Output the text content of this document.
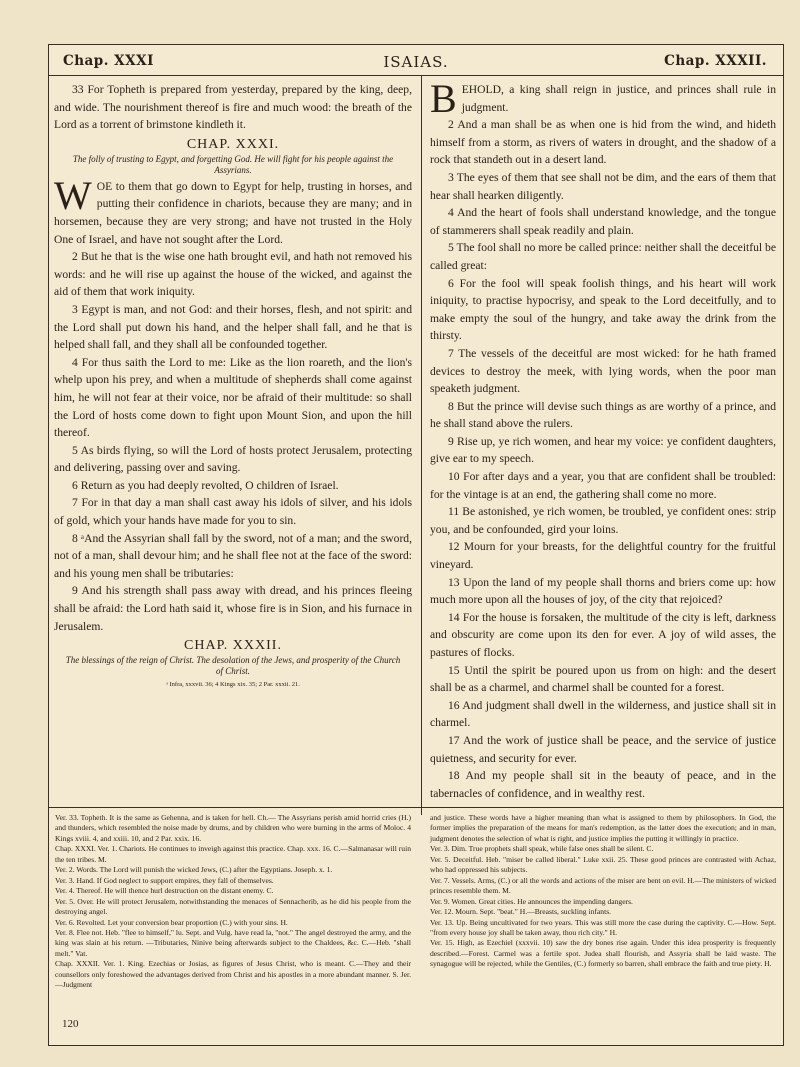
Chap. XXXI	ISAIAS.	Chap. XXXII.

33 For Topheth is prepared from yesterday, prepared by the king, deep, and wide. The nourishment thereof is fire and much wood: the breath of the Lord as a torrent of brimstone kindleth it.

CHAP. XXXI.
The folly of trusting to Egypt, and forgetting God. He will fight for his people against the Assyrians.

WOE to them that go down to Egypt for help, trusting in horses, and putting their confidence in chariots, because they are many; and in horsemen, because they are very strong; and have not trusted in the Holy One of Israel, and have not sought after the Lord.

2 But he that is the wise one hath brought evil, and hath not removed his words: and he will rise up against the house of the wicked, and against the aid of them that work iniquity.

3 Egypt is man, and not God: and their horses, flesh, and not spirit: and the Lord shall put down his hand, and the helper shall fall, and he that is helped shall fall, and they shall all be confounded together.

4 For thus saith the Lord to me: Like as the lion roareth, and the lion's whelp upon his prey, and when a multitude of shepherds shall come against him, he will not fear at their voice, nor be afraid of their multitude: so shall the Lord of hosts come down to fight upon Mount Sion, and upon the hill thereof.

5 As birds flying, so will the Lord of hosts protect Jerusalem, protecting and delivering, passing over and saving.

6 Return as you had deeply revolted, O children of Israel.

7 For in that day a man shall cast away his idols of silver, and his idols of gold, which your hands have made for you to sin.

8 ᵃAnd the Assyrian shall fall by the sword, not of a man; and the sword, not of a man, shall devour him; and he shall flee not at the face of the sword: and his young men shall be tributaries:

9 And his strength shall pass away with dread, and his princes fleeing shall be afraid: the Lord hath said it, whose fire is in Sion, and his furnace in Jerusalem.

CHAP. XXXII.
The blessings of the reign of Christ. The desolation of the Jews, and prosperity of the Church of Christ.
ᵃ Infra, xxxvii. 36; 4 Kings xix. 35; 2 Par. xxxii. 21.

BEHOLD, a king shall reign in justice, and princes shall rule in judgment.

2 And a man shall be as when one is hid from the wind, and hideth himself from a storm, as rivers of waters in drought, and the shadow of a rock that standeth out in a desert land.

3 The eyes of them that see shall not be dim, and the ears of them that hear shall hearken diligently.

4 And the heart of fools shall understand knowledge, and the tongue of stammerers shall speak readily and plain.

5 The fool shall no more be called prince: neither shall the deceitful be called great:

6 For the fool will speak foolish things, and his heart will work iniquity, to practise hypocrisy, and speak to the Lord deceitfully, and to make empty the soul of the hungry, and take away the drink from the thirsty.

7 The vessels of the deceitful are most wicked: for he hath framed devices to destroy the meek, with lying words, when the poor man speaketh judgment.

8 But the prince will devise such things as are worthy of a prince, and he shall stand above the rulers.

9 Rise up, ye rich women, and hear my voice: ye confident daughters, give ear to my speech.

10 For after days and a year, you that are confident shall be troubled: for the vintage is at an end, the gathering shall come no more.

11 Be astonished, ye rich women, be troubled, ye confident ones: strip you, and be confounded, gird your loins.

12 Mourn for your breasts, for the delightful country for the fruitful vineyard.

13 Upon the land of my people shall thorns and briers come up: how much more upon all the houses of joy, of the city that rejoiced?

14 For the house is forsaken, the multitude of the city is left, darkness and obscurity are come upon its den for ever. A joy of wild asses, the pastures of flocks.

15 Until the spirit be poured upon us from on high: and the desert shall be as a charmel, and charmel shall be counted for a forest.

16 And judgment shall dwell in the wilderness, and justice shall sit in charmel.

17 And the work of justice shall be peace, and the service of justice quietness, and security for ever.

18 And my people shall sit in the beauty of peace, and in the tabernacles of confidence, and in wealthy rest.

Ver. 33. Topheth. It is the same as Gehenna, and is taken for hell. Ch.— The Assyrians perish amid horrid cries (H.) and thunders, which resembled the noise made by drums, and by children who were burning in the arms of Moloc. 4 Kings xviii. 4, and xxiii. 10, and 2 Par. xxix. 16.

Chap. XXXI. Ver. 1. Chariots. He continues to inveigh against this practice. Chap. xxx. 16. C.—Salmanasar will ruin the ten tribes. M.

Ver. 2. Words. The Lord will punish the wicked Jews, (C.) after the Egyptians. Joseph. x. 1.

Ver. 3. Hand. If God neglect to support empires, they fall of themselves.

Ver. 4. Thereof. He will thence hurl destruction on the distant enemy. C.

Ver. 5. Over. He will protect Jerusalem, notwithstanding the menaces of Sennacherib, as he did his people from the destroying angel.

Ver. 6. Revolted. Let your conversion bear proportion (C.) with your sins. H.

Ver. 8. Flee not. Heb. "flee to himself," lu. Sept. and Vulg. have read la, "not." The angel destroyed the army, and the king was slain at his return. —Tributaries, Ninive being afterwards subject to the Chaldees, &c. C.—Heb. "shall melt." Vat.

Chap. XXXII. Ver. 1. King. Ezechias or Josias, as figures of Jesus Christ, who is meant. C.—They and their counsellors only foreshowed the advantages derived from Christ and his apostles in a more abundant manner. S. Jer.—Judgment

and justice. These words have a higher meaning than what is assigned to them by philosophers. In God, the former implies the preparation of the means for man's redemption, as the latter does the execution; and in man, judgment denotes the selection of what is right, and justice implies the putting it willingly in practice.

Ver. 3. Dim. True prophets shall speak, while false ones shall be silent. C.

Ver. 5. Deceitful. Heb. "miser be called liberal." Luke xxii. 25. These good princes are contrasted with Achaz, who had oppressed his subjects.

Ver. 7. Vessels. Arms, (C.) or all the words and actions of the miser are bent on evil. H.—The ministers of wicked princes resemble them. M.

Ver. 9. Women. Great cities. He announces the impending dangers.

Ver. 12. Mourn. Sept. "beat." H.—Breasts, suckling infants.

Ver. 13. Up. Being uncultivated for two years. This was still more the case during the captivity. C.—How. Sept. "from every house joy shall be taken away, thou rich city." H.

Ver. 15. High, as Ezechiel (xxxvii. 10) saw the dry bones rise again. Under this idea prosperity is frequently described.—Forest. Carmel was a fertile spot. Judea shall flourish, and Assyria shall be laid waste. The synagogue will be rejected, while the Gentiles, (C.) formerly so barren, shall embrace the faith and true piety. H.

120
